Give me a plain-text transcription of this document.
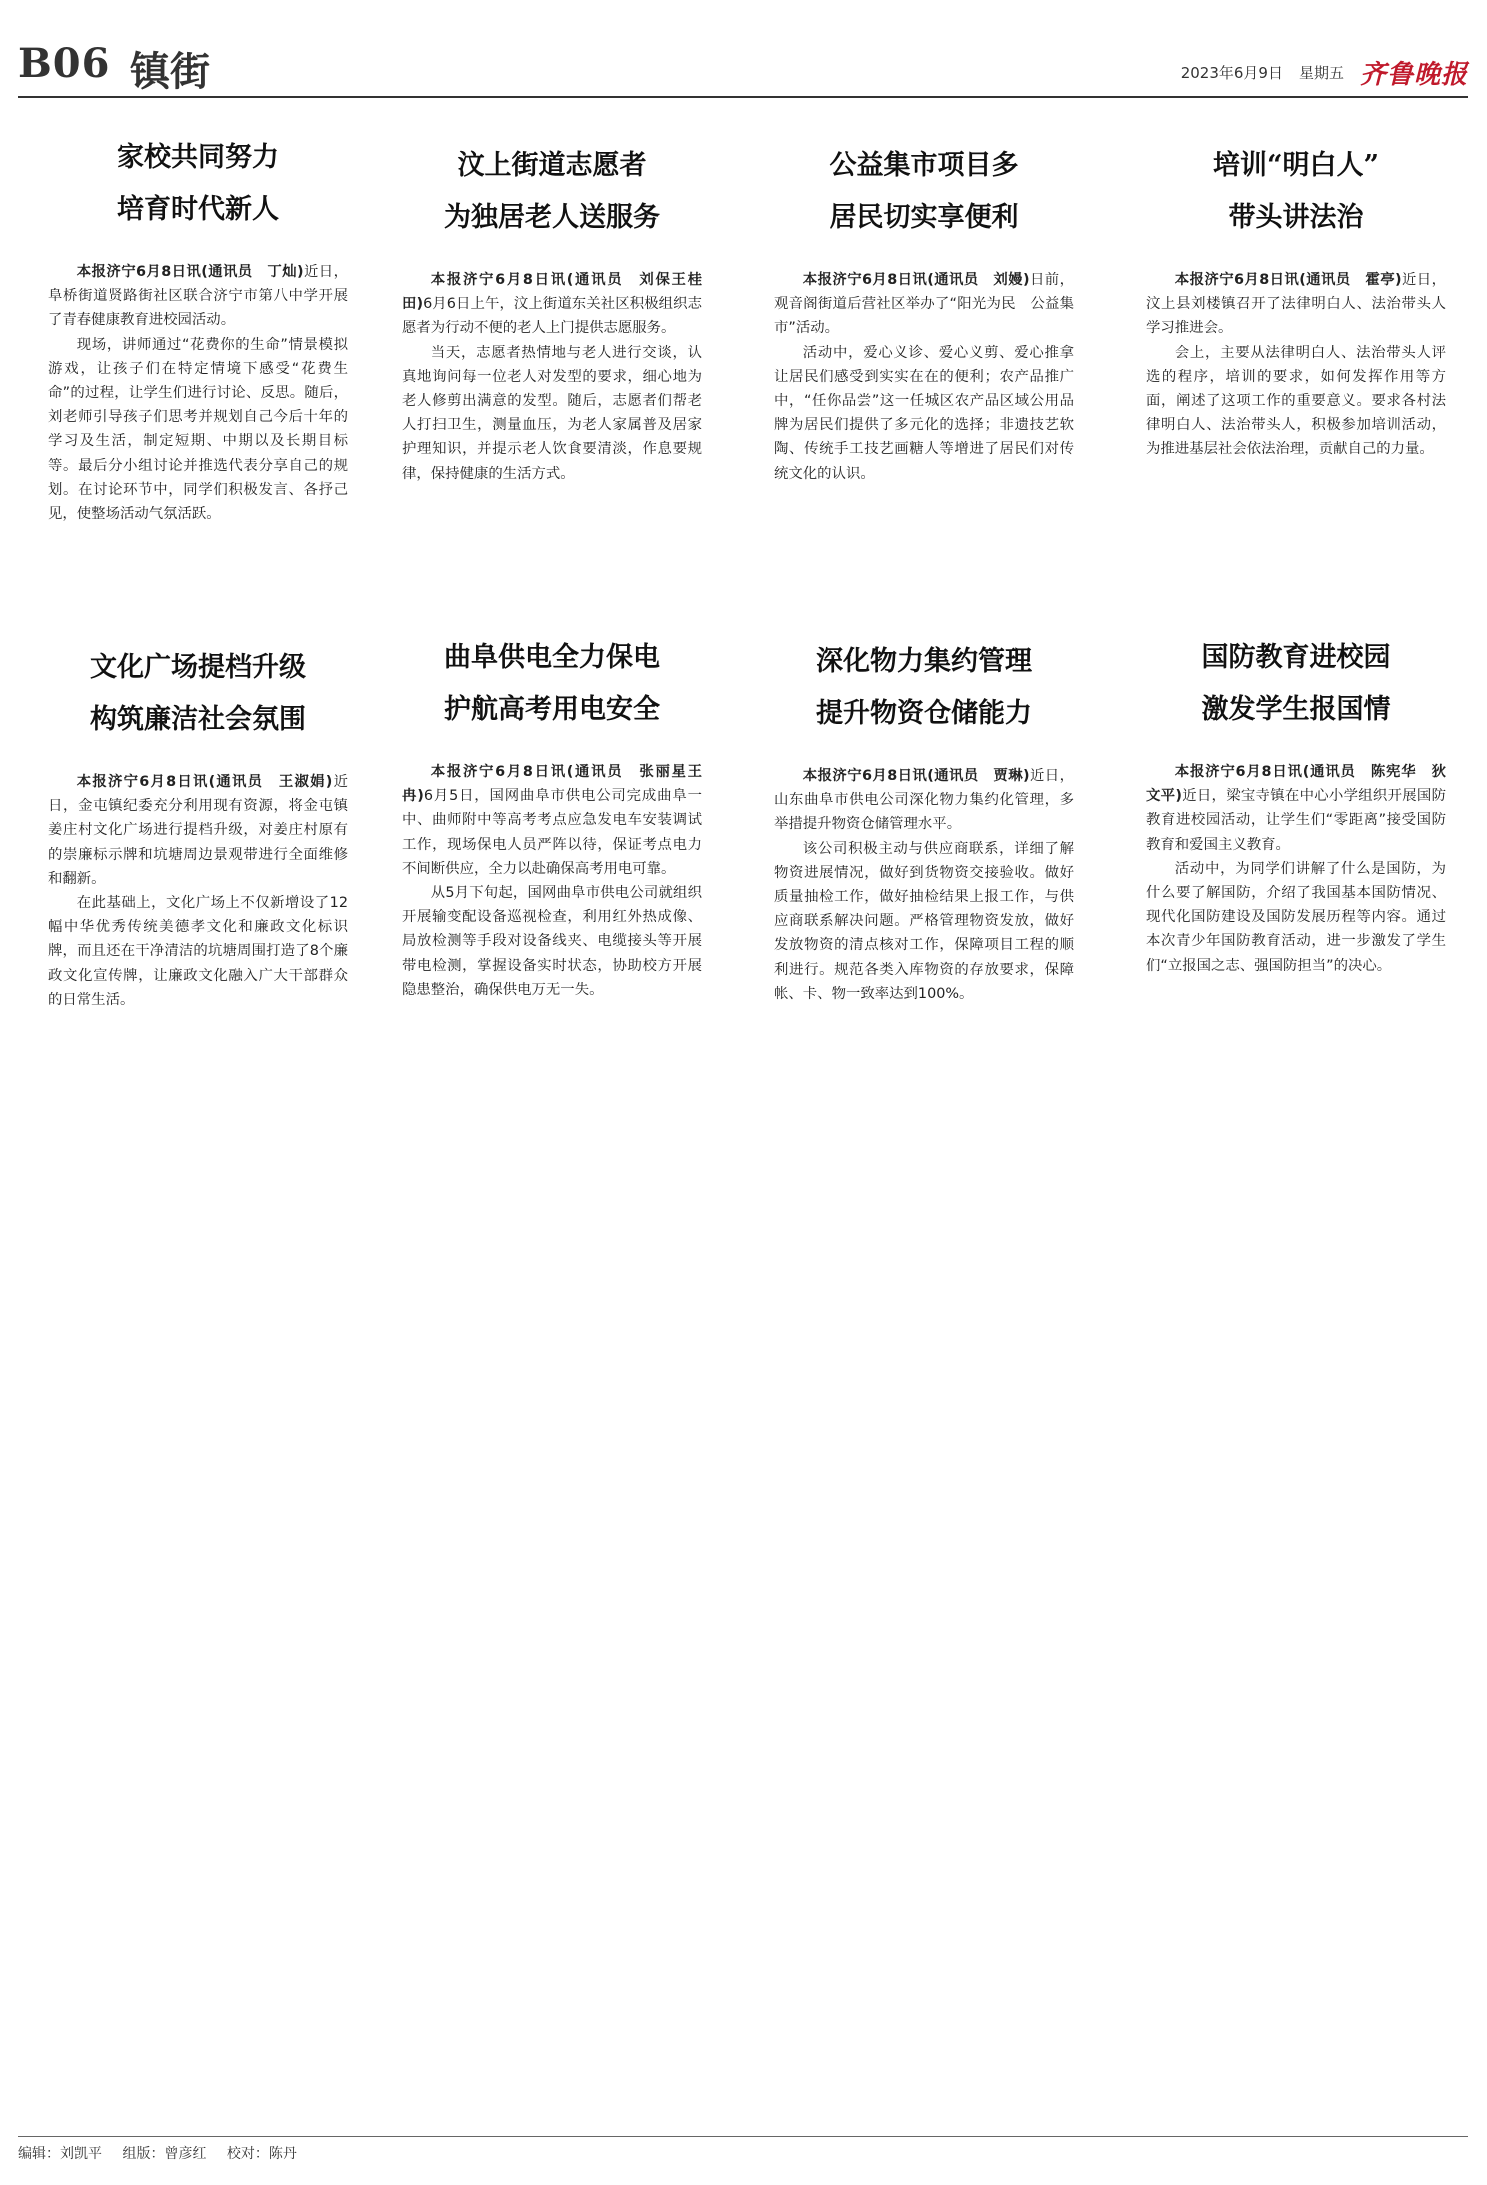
B06 镇街	2023年6月9日 星期五 齐鲁晚报
家校共同努力
培育时代新人

本报济宁6月8日讯(通讯员　丁灿)近日，阜桥街道贤路街社区联合济宁市第八中学开展了青春健康教育进校园活动。

现场，讲师通过“花费你的生命”情景模拟游戏，让孩子们在特定情境下感受“花费生命”的过程，让学生们进行讨论、反思。随后，刘老师引导孩子们思考并规划自己今后十年的学习及生活，制定短期、中期以及长期目标等。最后分小组讨论并推选代表分享自己的规划。在讨论环节中，同学们积极发言、各抒己见，使整场活动气氛活跃。

汶上街道志愿者
为独居老人送服务

本报济宁6月8日讯(通讯员　刘保王桂田)6月6日上午，汶上街道东关社区积极组织志愿者为行动不便的老人上门提供志愿服务。

当天，志愿者热情地与老人进行交谈，认真地询问每一位老人对发型的要求，细心地为老人修剪出满意的发型。随后，志愿者们帮老人打扫卫生，测量血压，为老人家属普及居家护理知识，并提示老人饮食要清淡，作息要规律，保持健康的生活方式。

公益集市项目多
居民切实享便利

本报济宁6月8日讯(通讯员　刘嫚)日前，观音阁街道后营社区举办了“阳光为民　公益集市”活动。

活动中，爱心义诊、爱心义剪、爱心推拿让居民们感受到实实在在的便利；农产品推广中，“任你品尝”这一任城区农产品区域公用品牌为居民们提供了多元化的选择；非遗技艺软陶、传统手工技艺画糖人等增进了居民们对传统文化的认识。

培训“明白人”
带头讲法治

本报济宁6月8日讯(通讯员　霍亭)近日，汶上县刘楼镇召开了法律明白人、法治带头人学习推进会。

会上，主要从法律明白人、法治带头人评选的程序，培训的要求，如何发挥作用等方面，阐述了这项工作的重要意义。要求各村法律明白人、法治带头人，积极参加培训活动，为推进基层社会依法治理，贡献自己的力量。

文化广场提档升级
构筑廉洁社会氛围

本报济宁6月8日讯(通讯员　王淑娟)近日，金屯镇纪委充分利用现有资源，将金屯镇姜庄村文化广场进行提档升级，对姜庄村原有的崇廉标示牌和坑塘周边景观带进行全面维修和翻新。

在此基础上，文化广场上不仅新增设了12幅中华优秀传统美德孝文化和廉政文化标识牌，而且还在干净清洁的坑塘周围打造了8个廉政文化宣传牌，让廉政文化融入广大干部群众的日常生活。

曲阜供电全力保电
护航高考用电安全

本报济宁6月8日讯(通讯员　张丽星王冉)6月5日，国网曲阜市供电公司完成曲阜一中、曲师附中等高考考点应急发电车安装调试工作，现场保电人员严阵以待，保证考点电力不间断供应，全力以赴确保高考用电可靠。

从5月下旬起，国网曲阜市供电公司就组织开展输变配设备巡视检查，利用红外热成像、局放检测等手段对设备线夹、电缆接头等开展带电检测，掌握设备实时状态，协助校方开展隐患整治，确保供电万无一失。

深化物力集约管理
提升物资仓储能力

本报济宁6月8日讯(通讯员　贾琳)近日，山东曲阜市供电公司深化物力集约化管理，多举措提升物资仓储管理水平。

该公司积极主动与供应商联系，详细了解物资进展情况，做好到货物资交接验收。做好质量抽检工作，做好抽检结果上报工作，与供应商联系解决问题。严格管理物资发放，做好发放物资的清点核对工作，保障项目工程的顺利进行。规范各类入库物资的存放要求，保障帐、卡、物一致率达到100%。

国防教育进校园
激发学生报国情

本报济宁6月8日讯(通讯员　陈宪华　狄文平)近日，梁宝寺镇在中心小学组织开展国防教育进校园活动，让学生们“零距离”接受国防教育和爱国主义教育。

活动中，为同学们讲解了什么是国防，为什么要了解国防，介绍了我国基本国防情况、现代化国防建设及国防发展历程等内容。通过本次青少年国防教育活动，进一步激发了学生们“立报国之志、强国防担当”的决心。

编辑：刘凯平 组版：曾彦红 校对：陈丹
